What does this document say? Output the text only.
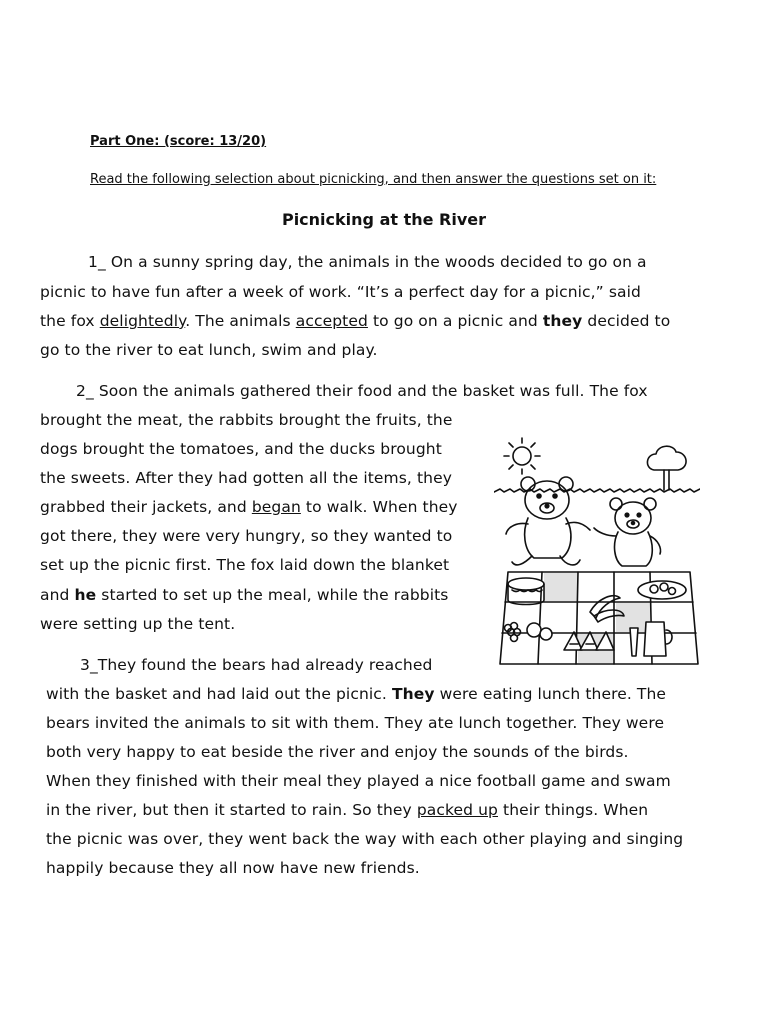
Part One: (score: 13/20)
Read the following selection about picnicking, and then answer the questions set on it:
Picnicking at the River
1_ On a sunny spring day, the animals in the woods decided to go on a
picnic to have fun after a week of work. “It’s a perfect day for a picnic,” said
the fox delightedly. The animals accepted to go on a picnic and they decided to
go to the river to eat lunch, swim and play.
2_ Soon the animals gathered their food and the basket was full. The fox
brought the meat, the rabbits brought the fruits, the
dogs brought the tomatoes, and the ducks brought
the sweets. After they had gotten all the items, they
grabbed their jackets, and began to walk. When they
got there, they were very hungry, so they wanted to
set up the picnic first. The fox laid down the blanket
and he started to set up the meal, while the rabbits
were setting up the tent.
3_They found the bears had already reached
with the basket and had laid out the picnic. They were eating lunch there. The
bears invited the animals to sit with them. They ate lunch together. They were
both very happy to eat beside the river and enjoy the sounds of the birds.
When they finished with their meal they played a nice football game and swam
in the river, but then it started to rain. So they packed up their things. When
the picnic was over, they went back the way with each other playing and singing
happily because they all now have new friends.
